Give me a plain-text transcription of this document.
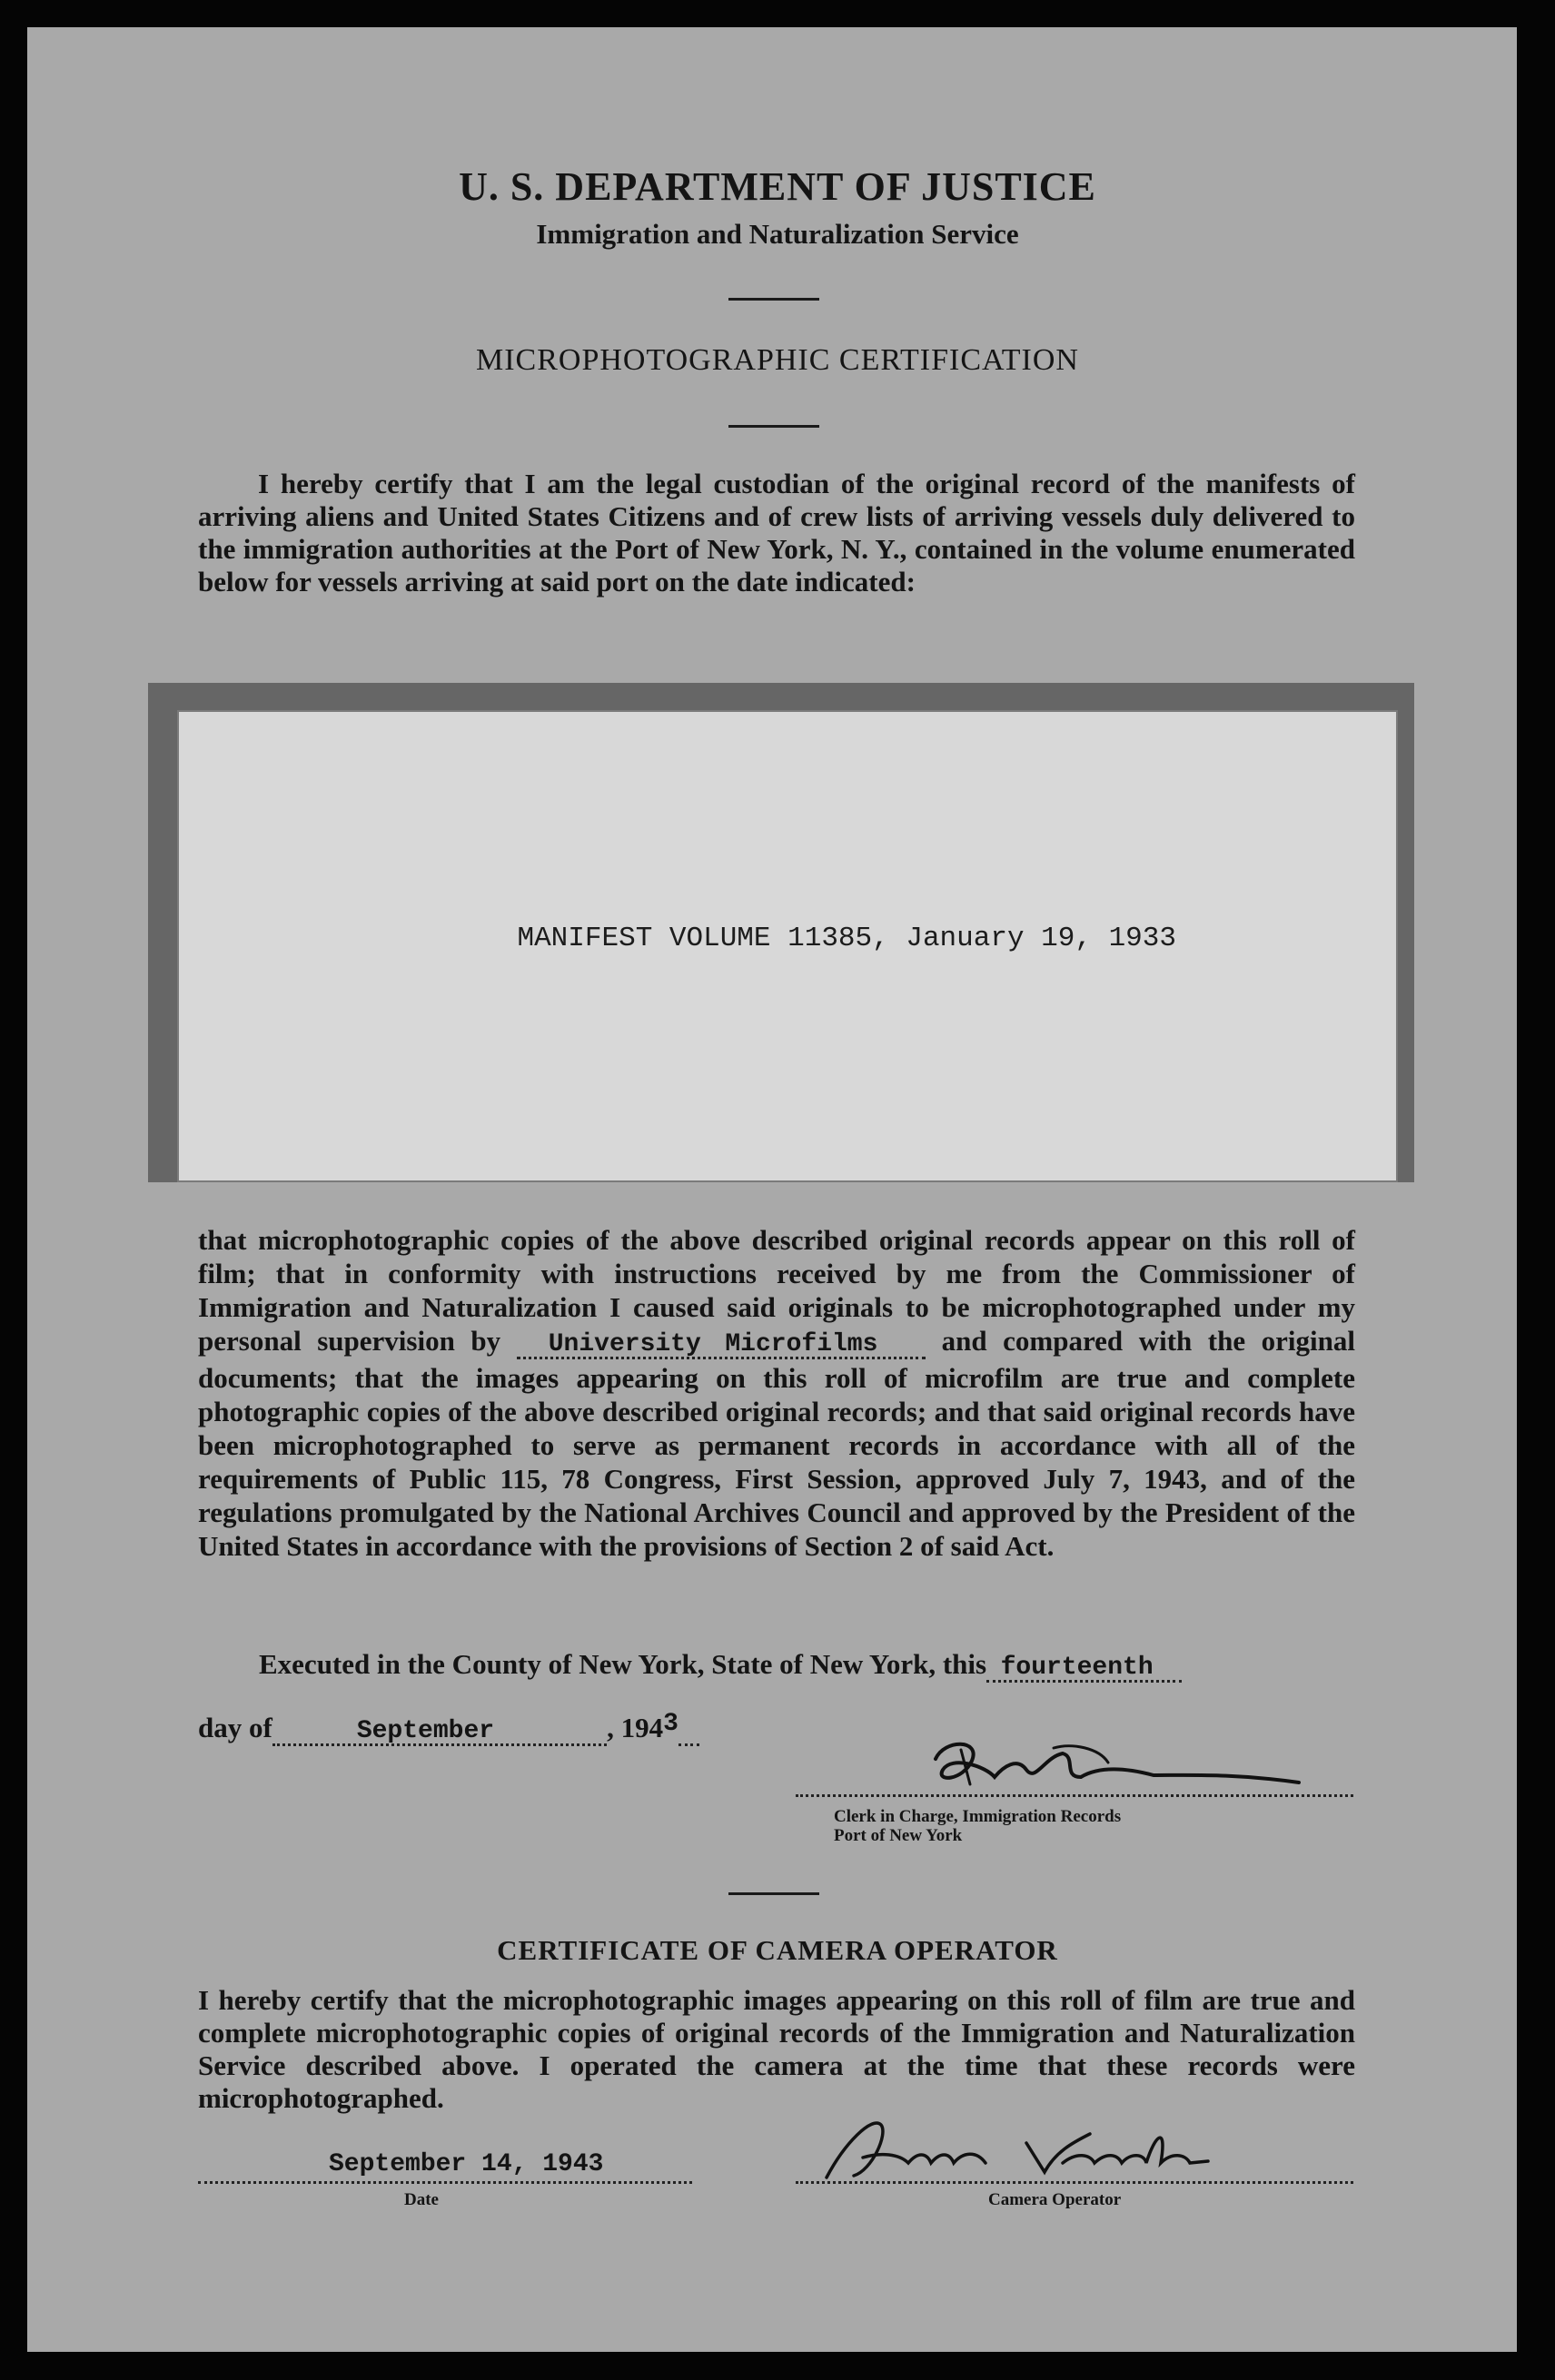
U. S. DEPARTMENT OF JUSTICE
Immigration and Naturalization Service
MICROPHOTOGRAPHIC CERTIFICATION
I hereby certify that I am the legal custodian of the original record of the manifests of arriving aliens and United States Citizens and of crew lists of arriving vessels duly delivered to the immigration authorities at the Port of New York, N. Y., contained in the volume enumerated below for vessels arriving at said port on the date indicated:
MANIFEST VOLUME 11385, January 19, 1933
that microphotographic copies of the above described original records appear on this roll of film; that in conformity with instructions received by me from the Commissioner of Immigration and Naturalization I caused said originals to be microphotographed under my personal supervision by University Microfilms and compared with the original documents; that the images appearing on this roll of microfilm are true and complete photographic copies of the above described original records; and that said original records have been microphotographed to serve as permanent records in accordance with all of the requirements of Public 115, 78 Congress, First Session, approved July 7, 1943, and of the regulations promulgated by the National Archives Council and approved by the President of the United States in accordance with the provisions of Section 2 of said Act.
Executed in the County of New York, State of New York, this fourteenth
day of	September	, 1943
Clerk in Charge, Immigration Records
Port of New York
CERTIFICATE OF CAMERA OPERATOR
I hereby certify that the microphotographic images appearing on this roll of film are true and complete microphotographic copies of original records of the Immigration and Naturalization Service described above. I operated the camera at the time that these records were microphotographed.
September 14, 1943
Date	Camera Operator
